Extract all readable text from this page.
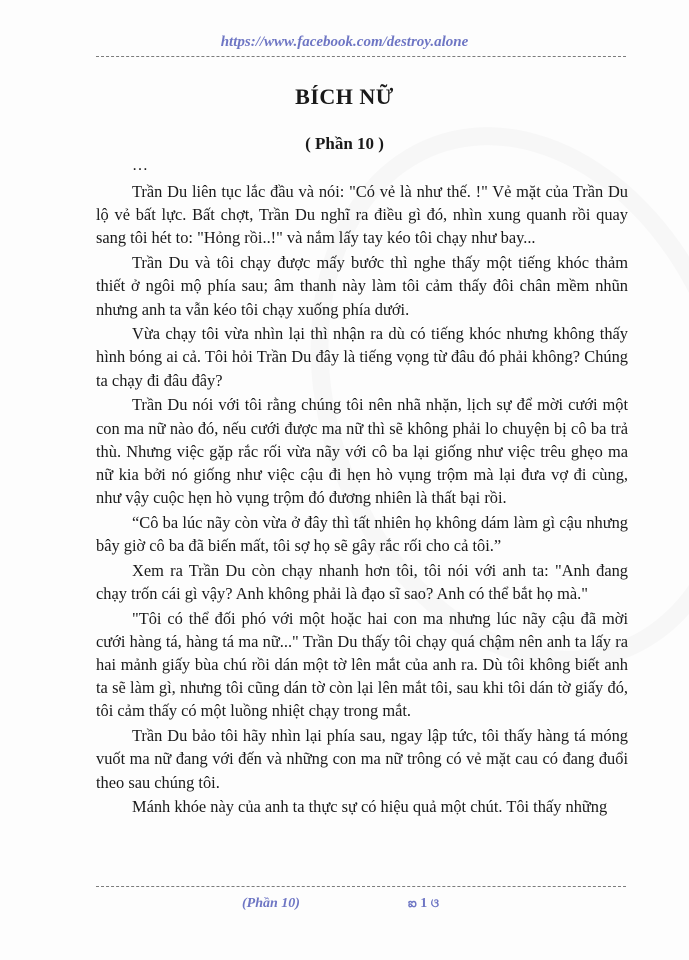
https://www.facebook.com/destroy.alone
BÍCH NỮ
( Phần 10 )
…

Trần Du liên tục lắc đầu và nói: "Có vẻ là như thế. !" Vẻ mặt của Trần Du lộ vẻ bất lực. Bất chợt, Trần Du nghĩ ra điều gì đó, nhìn xung quanh rồi quay sang tôi hét to: "Hỏng rồi..!" và nắm lấy tay kéo tôi chạy như bay...

Trần Du và tôi chạy được mấy bước thì nghe thấy một tiếng khóc thảm thiết ở ngôi mộ phía sau; âm thanh này làm tôi cảm thấy đôi chân mềm nhũn nhưng anh ta vẫn kéo tôi chạy xuống phía dưới.

Vừa chạy tôi vừa nhìn lại thì nhận ra dù có tiếng khóc nhưng không thấy hình bóng ai cả. Tôi hỏi Trần Du đây là tiếng vọng từ đâu đó phải không? Chúng ta chạy đi đâu đây?

Trần Du nói với tôi rằng chúng tôi nên nhã nhặn, lịch sự để mời cưới một con ma nữ nào đó, nếu cưới được ma nữ thì sẽ không phải lo chuyện bị cô ba trả thù. Nhưng việc gặp rắc rối vừa nãy với cô ba lại giống như việc trêu ghẹo ma nữ kia bởi nó giống như việc cậu đi hẹn hò vụng trộm mà lại đưa vợ đi cùng, như vậy cuộc hẹn hò vụng trộm đó đương nhiên là thất bại rồi.

“Cô ba lúc nãy còn vừa ở đây thì tất nhiên họ không dám làm gì cậu nhưng bây giờ cô ba đã biến mất, tôi sợ họ sẽ gây rắc rối cho cả tôi.”

Xem ra Trần Du còn chạy nhanh hơn tôi, tôi nói với anh ta: "Anh đang chạy trốn cái gì vậy? Anh không phải là đạo sĩ sao? Anh có thể bắt họ mà."

"Tôi có thể đối phó với một hoặc hai con ma nhưng lúc nãy cậu đã mời cưới hàng tá, hàng tá ma nữ..." Trần Du thấy tôi chạy quá chậm nên anh ta lấy ra hai mảnh giấy bùa chú rồi dán một tờ lên mắt của anh ra. Dù tôi không biết anh ta sẽ làm gì, nhưng tôi cũng dán tờ còn lại lên mắt tôi, sau khi tôi dán tờ giấy đó, tôi cảm thấy có một luồng nhiệt chạy trong mắt.

Trần Du bảo tôi hãy nhìn lại phía sau, ngay lập tức, tôi thấy hàng tá móng vuốt ma nữ đang với đến và những con ma nữ trông có vẻ mặt cau có đang đuổi theo sau chúng tôi.

Mánh khóe này của anh ta thực sự có hiệu quả một chút. Tôi thấy những

(Phần 10)	ఐ 1 ଓ
